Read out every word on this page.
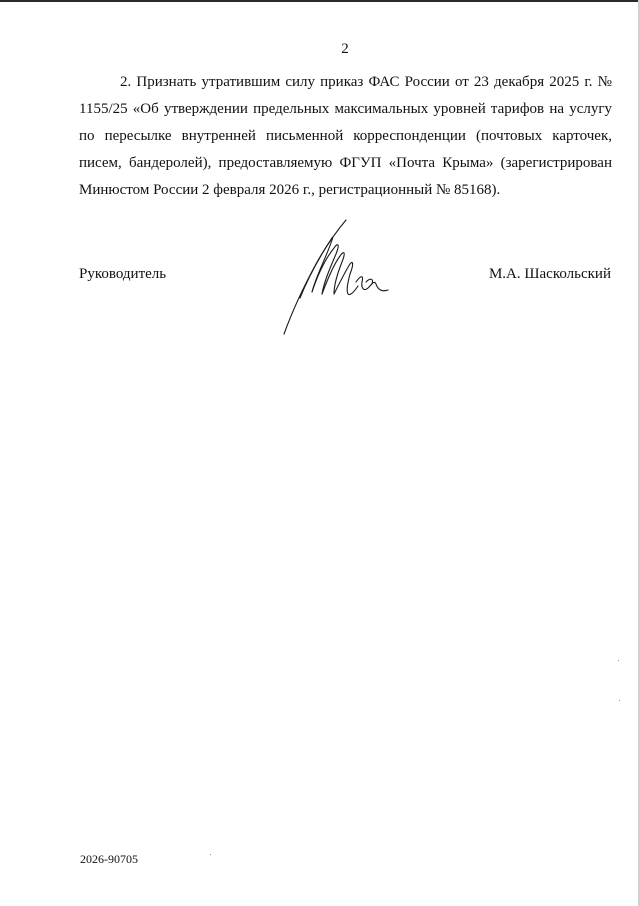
2

2. Признать утратившим силу приказ ФАС России от 23 декабря 2025 г. № 1155/25 «Об утверждении предельных максимальных уровней тарифов на услугу по пересылке внутренней письменной корреспонденции (почтовых карточек, писем, бандеролей), предоставляемую ФГУП «Почта Крыма» (зарегистрирован Минюстом России 2 февраля 2026 г., регистрационный № 85168).

Руководитель	М.А. Шаскольский
2026-90705
